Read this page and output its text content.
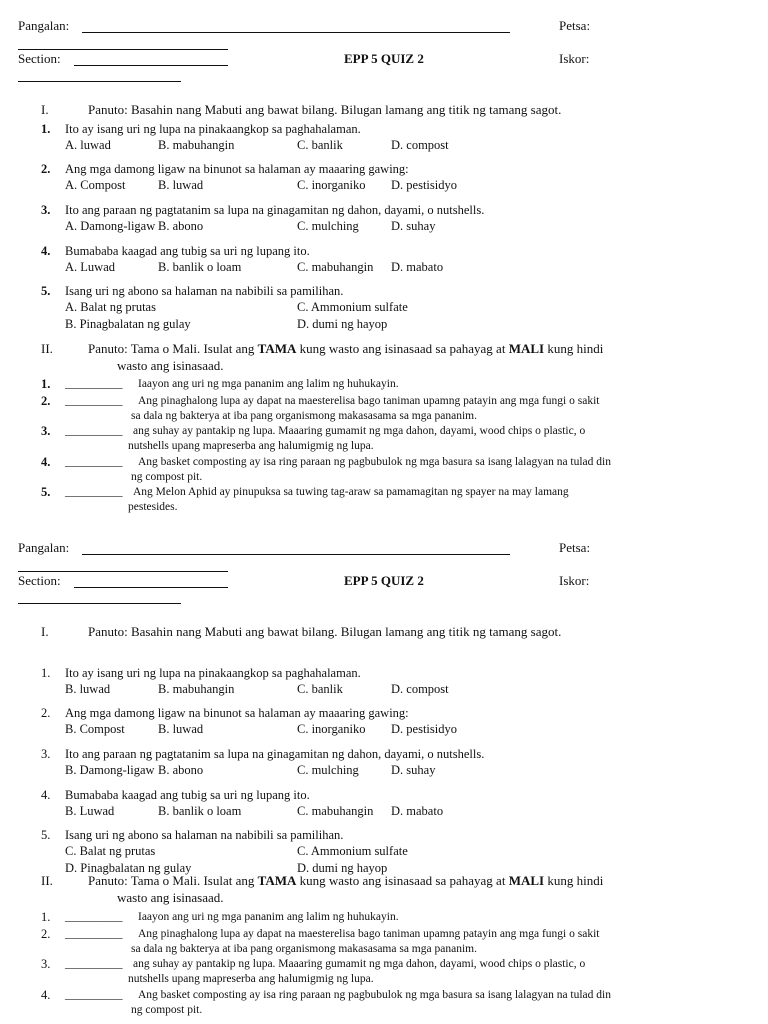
Pangalan:	Petsa:
Section:	EPP 5 QUIZ 2	Iskor:
I.	Panuto: Basahin nang Mabuti ang bawat bilang. Bilugan lamang ang titik ng tamang sagot.
1. Ito ay isang uri ng lupa na pinakaangkop sa paghahalaman.
A. luwad	B. mabuhangin	C. banlik	D. compost
2. Ang mga damong ligaw na binunot sa halaman ay maaaring gawing:
A. Compost	B. luwad	C. inorganiko D. pestisidyo
3. Ito ang paraan ng pagtatanim sa lupa na ginagamitan ng dahon, dayami, o nutshells.
A. Damong-ligaw B. abono	C. mulching	D. suhay
4. Bumababa kaagad ang tubig sa uri ng lupang ito.
A. Luwad	B. banlik o loam	C. mabuhangin D. mabato
5. Isang uri ng abono sa halaman na nabibili sa pamilihan.
A. Balat ng prutas	C. Ammonium sulfate
B. Pinagbalatan ng gulay	D. dumi ng hayop
II.	Panuto: Tama o Mali. Isulat ang TAMA kung wasto ang isinasaad sa pahayag at MALI kung hindi
wasto ang isinasaad.
1. __________ Iaayon ang uri ng mga pananim ang lalim ng huhukayin.
2. __________ Ang pinaghalong lupa ay dapat na maesterelisa bago taniman upamng patayin ang mga fungi o sakit
sa dala ng bakterya at iba pang organismong makasasama sa mga pananim.
3. __________ ang suhay ay pantakip ng lupa. Maaaring gumamit ng mga dahon, dayami, wood chips o plastic, o
nutshells upang mapreserba ang halumigmig ng lupa.
4. __________ Ang basket composting ay isa ring paraan ng pagbubulok ng mga basura sa isang lalagyan na tulad din
ng compost pit.
5. __________ Ang Melon Aphid ay pinupuksa sa tuwing tag-araw sa pamamagitan ng spayer na may lamang
pestesides.
Pangalan:	Petsa:
Section:	EPP 5 QUIZ 2	Iskor:
I.	Panuto: Basahin nang Mabuti ang bawat bilang. Bilugan lamang ang titik ng tamang sagot.
1. Ito ay isang uri ng lupa na pinakaangkop sa paghahalaman.
B. luwad	B. mabuhangin	C. banlik	D. compost
2. Ang mga damong ligaw na binunot sa halaman ay maaaring gawing:
B. Compost	B. luwad	C. inorganiko D. pestisidyo
3. Ito ang paraan ng pagtatanim sa lupa na ginagamitan ng dahon, dayami, o nutshells.
B. Damong-ligaw B. abono	C. mulching	D. suhay
4. Bumababa kaagad ang tubig sa uri ng lupang ito.
B. Luwad	B. banlik o loam	C. mabuhangin D. mabato
5. Isang uri ng abono sa halaman na nabibili sa pamilihan.
C. Balat ng prutas	C. Ammonium sulfate
D. Pinagbalatan ng gulay	D. dumi ng hayop
II.	Panuto: Tama o Mali. Isulat ang TAMA kung wasto ang isinasaad sa pahayag at MALI kung hindi
wasto ang isinasaad.
1. __________ Iaayon ang uri ng mga pananim ang lalim ng huhukayin.
2. __________ Ang pinaghalong lupa ay dapat na maesterelisa bago taniman upamng patayin ang mga fungi o sakit
sa dala ng bakterya at iba pang organismong makasasama sa mga pananim.
3. __________ ang suhay ay pantakip ng lupa. Maaaring gumamit ng mga dahon, dayami, wood chips o plastic, o
nutshells upang mapreserba ang halumigmig ng lupa.
4. __________ Ang basket composting ay isa ring paraan ng pagbubulok ng mga basura sa isang lalagyan na tulad din
ng compost pit.
